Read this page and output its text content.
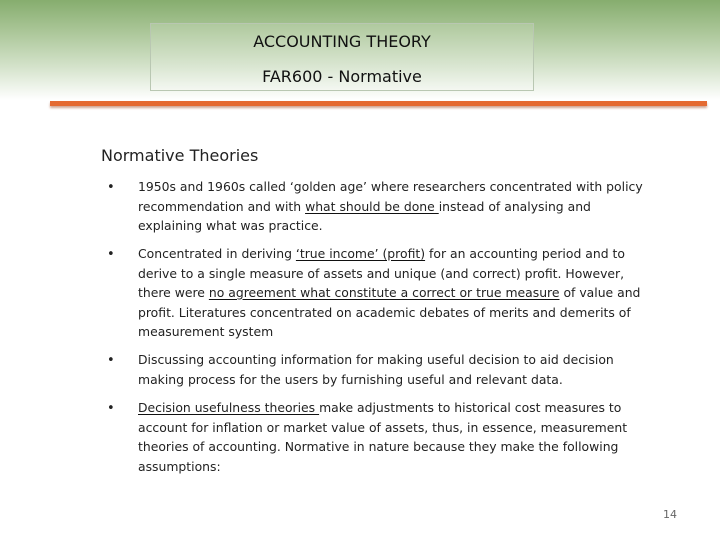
ACCOUNTING THEORY
FAR600 - Normative
Normative Theories
• 1950s and 1960s called ‘golden age’ where researchers concentrated with policy recommendation and with what should be done instead of analysing and explaining what was practice.
• Concentrated in deriving ‘true income’ (profit) for an accounting period and to derive to a single measure of assets and unique (and correct) profit. However, there were no agreement what constitute a correct or true measure of value and profit. Literatures concentrated on academic debates of merits and demerits of measurement system
• Discussing accounting information for making useful decision to aid decision making process for the users by furnishing useful and relevant data.
• Decision usefulness theories make adjustments to historical cost measures to account for inflation or market value of assets, thus, in essence, measurement theories of accounting. Normative in nature because they make the following assumptions:
14
